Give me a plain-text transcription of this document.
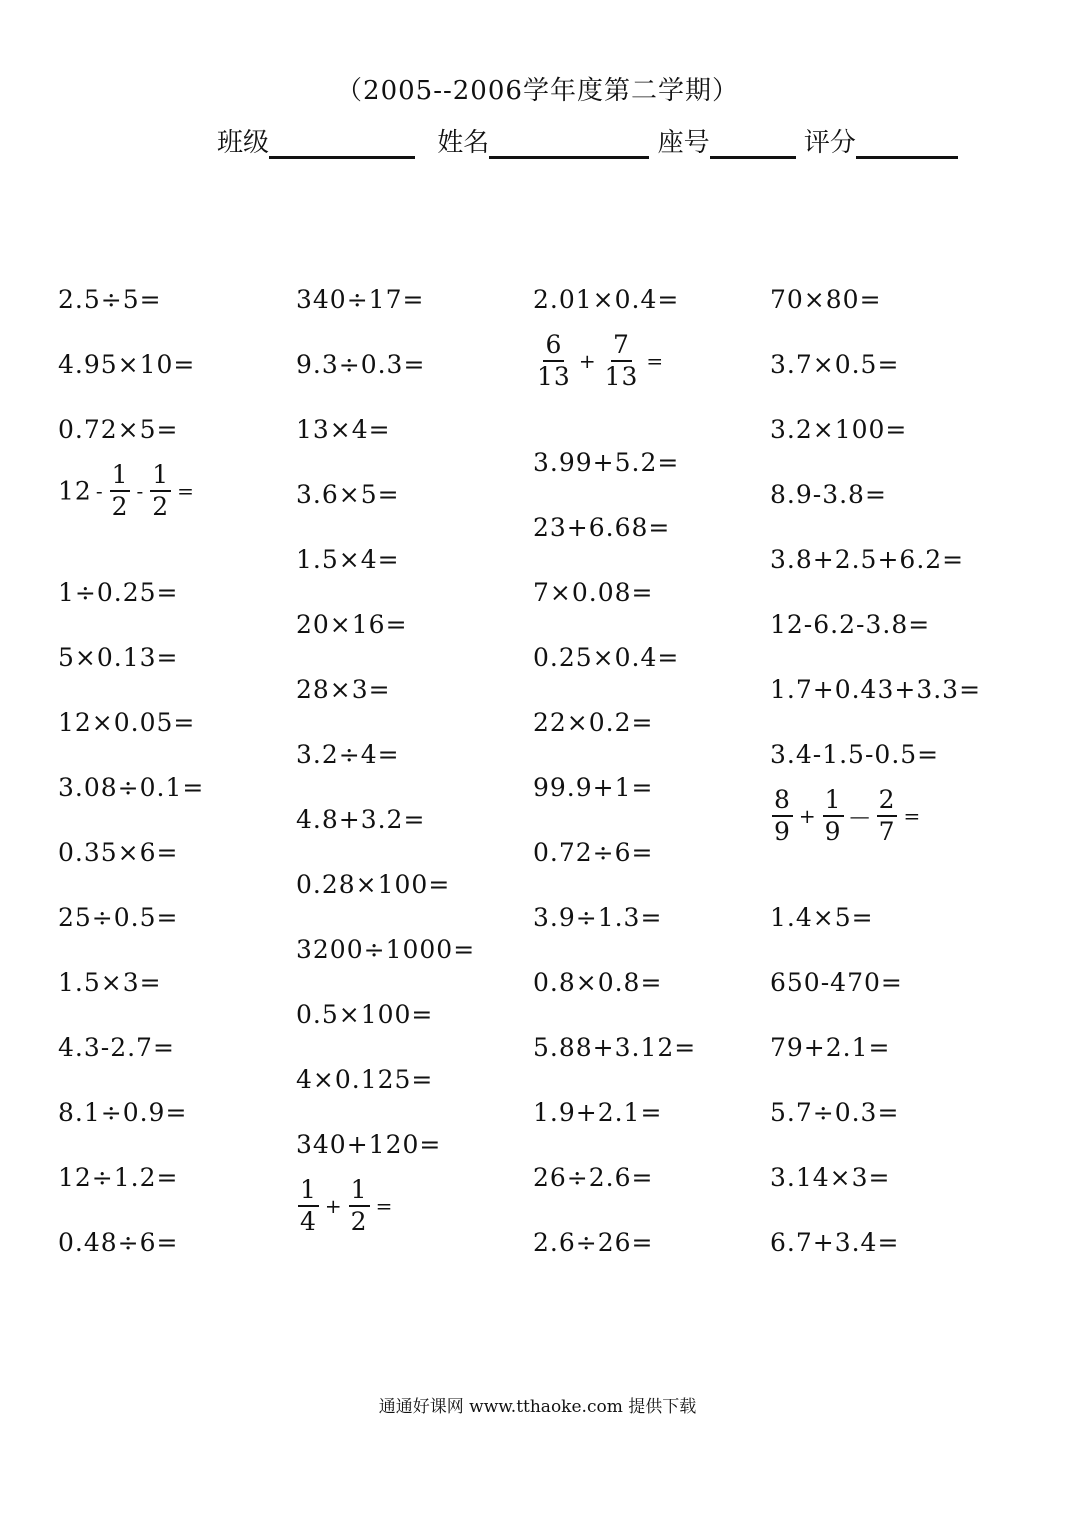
（2005--2006学年度第二学期）
班级	姓名	座号	评分
2.5÷5=
4.95×10=
0.72×5=
$12 - \frac{1}{2} - \frac{1}{2}$ =
1÷0.25=
5×0.13=
12×0.05=
3.08÷0.1=
0.35×6=
25÷0.5=
1.5×3=
4.3-2.7=
8.1÷0.9=
12÷1.2=
0.48÷6=
340÷17=
9.3÷0.3=
13×4=
3.6×5=
1.5×4=
20×16=
28×3=
3.2÷4=
4.8+3.2=
0.28×100=
3200÷1000=
0.5×100=
4×0.125=
340+120=
$\frac{1}{4} + \frac{1}{2}$ =
2.01×0.4=
$\frac{6}{13} + \frac{7}{13}$ =
3.99+5.2=
23+6.68=
7×0.08=
0.25×0.4=
22×0.2=
99.9+1=
0.72÷6=
3.9÷1.3=
0.8×0.8=
5.88+3.12=
1.9+2.1=
26÷2.6=
2.6÷26=
70×80=
3.7×0.5=
3.2×100=
8.9-3.8=
3.8+2.5+6.2=
12-6.2-3.8=
1.7+0.43+3.3=
3.4-1.5-0.5=
$\frac{8}{9} + \frac{1}{9}$ — $\frac{2}{7}$ =
1.4×5=
650-470=
79+2.1=
5.7÷0.3=
3.14×3=
6.7+3.4=
通通好课网 www.tthaoke.com 提供下载
